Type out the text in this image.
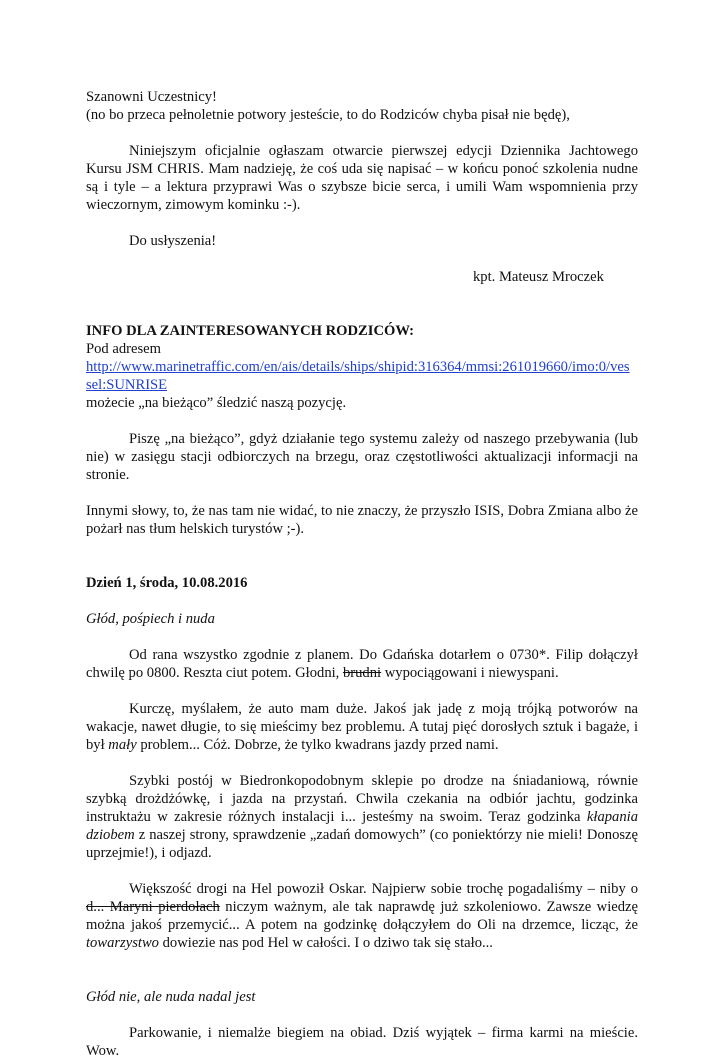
Szanowni Uczestnicy!

(no bo przeca pełnoletnie potwory jesteście, to do Rodziców chyba pisał nie będę),

Niniejszym oficjalnie ogłaszam otwarcie pierwszej edycji Dziennika Jachtowego Kursu JSM CHRIS. Mam nadzieję, że coś uda się napisać – w końcu ponoć szkolenia nudne są i tyle – a lektura przyprawi Was o szybsze bicie serca, i umili Wam wspomnienia przy wieczornym, zimowym kominku :-).

Do usłyszenia!

kpt. Mateusz Mroczek

INFO DLA ZAINTERESOWANYCH RODZICÓW:

Pod adresem

http://www.marinetraffic.com/en/ais/details/ships/shipid:316364/mmsi:261019660/imo:0/ves
sel:SUNRISE

możecie „na bieżąco” śledzić naszą pozycję.

Piszę „na bieżąco”, gdyż działanie tego systemu zależy od naszego przebywania (lub nie) w zasięgu stacji odbiorczych na brzegu, oraz częstotliwości aktualizacji informacji na stronie.

Innymi słowy, to, że nas tam nie widać, to nie znaczy, że przyszło ISIS, Dobra Zmiana albo że pożarł nas tłum helskich turystów ;-).

Dzień 1, środa, 10.08.2016

Głód, pośpiech i nuda

Od rana wszystko zgodnie z planem. Do Gdańska dotarłem o 0730*. Filip dołączył chwilę po 0800. Reszta ciut potem. Głodni, brudni wypociągowani i niewyspani.

Kurczę, myślałem, że auto mam duże. Jakoś jak jadę z moją trójką potworów na wakacje, nawet długie, to się mieścimy bez problemu. A tutaj pięć dorosłych sztuk i bagaże, i był mały problem... Cóż. Dobrze, że tylko kwadrans jazdy przed nami.

Szybki postój w Biedronkopodobnym sklepie po drodze na śniadaniową, równie szybką drożdżówkę, i jazda na przystań. Chwila czekania na odbiór jachtu, godzinka instruktażu w zakresie różnych instalacji i... jesteśmy na swoim. Teraz godzinka kłapania dziobem z naszej strony, sprawdzenie „zadań domowych” (co poniektórzy nie mieli! Donoszę uprzejmie!), i odjazd.

Większość drogi na Hel powoził Oskar. Najpierw sobie trochę pogadaliśmy – niby o d... Maryni pierdołach niczym ważnym, ale tak naprawdę już szkoleniowo. Zawsze wiedzę można jakoś przemycić... A potem na godzinkę dołączyłem do Oli na drzemce, licząc, że towarzystwo dowiezie nas pod Hel w całości. I o dziwo tak się stało...

Głód nie, ale nuda nadal jest

Parkowanie, i niemalże biegiem na obiad. Dziś wyjątek – firma karmi na mieście. Wow.
